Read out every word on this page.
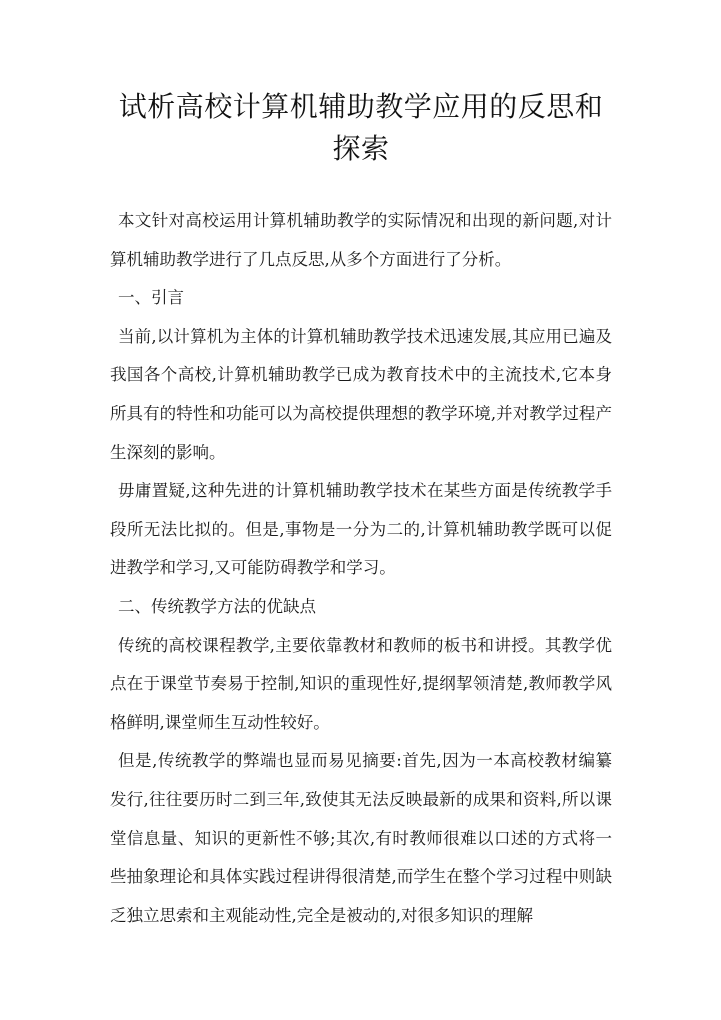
试析高校计算机辅助教学应用的反思和探索

本文针对高校运用计算机辅助教学的实际情况和出现的新问题,对计算机辅助教学进行了几点反思,从多个方面进行了分析。

一、引言

当前,以计算机为主体的计算机辅助教学技术迅速发展,其应用已遍及我国各个高校,计算机辅助教学已成为教育技术中的主流技术,它本身所具有的特性和功能可以为高校提供理想的教学环境,并对教学过程产生深刻的影响。

毋庸置疑,这种先进的计算机辅助教学技术在某些方面是传统教学手段所无法比拟的。但是,事物是一分为二的,计算机辅助教学既可以促进教学和学习,又可能防碍教学和学习。

二、传统教学方法的优缺点

传统的高校课程教学,主要依靠教材和教师的板书和讲授。其教学优点在于课堂节奏易于控制,知识的重现性好,提纲挈领清楚,教师教学风格鲜明,课堂师生互动性较好。

但是,传统教学的弊端也显而易见摘要:首先,因为一本高校教材编纂发行,往往要历时二到三年,致使其无法反映最新的成果和资料,所以课堂信息量、知识的更新性不够;其次,有时教师很难以口述的方式将一些抽象理论和具体实践过程讲得很清楚,而学生在整个学习过程中则缺乏独立思索和主观能动性,完全是被动的,对很多知识的理解
